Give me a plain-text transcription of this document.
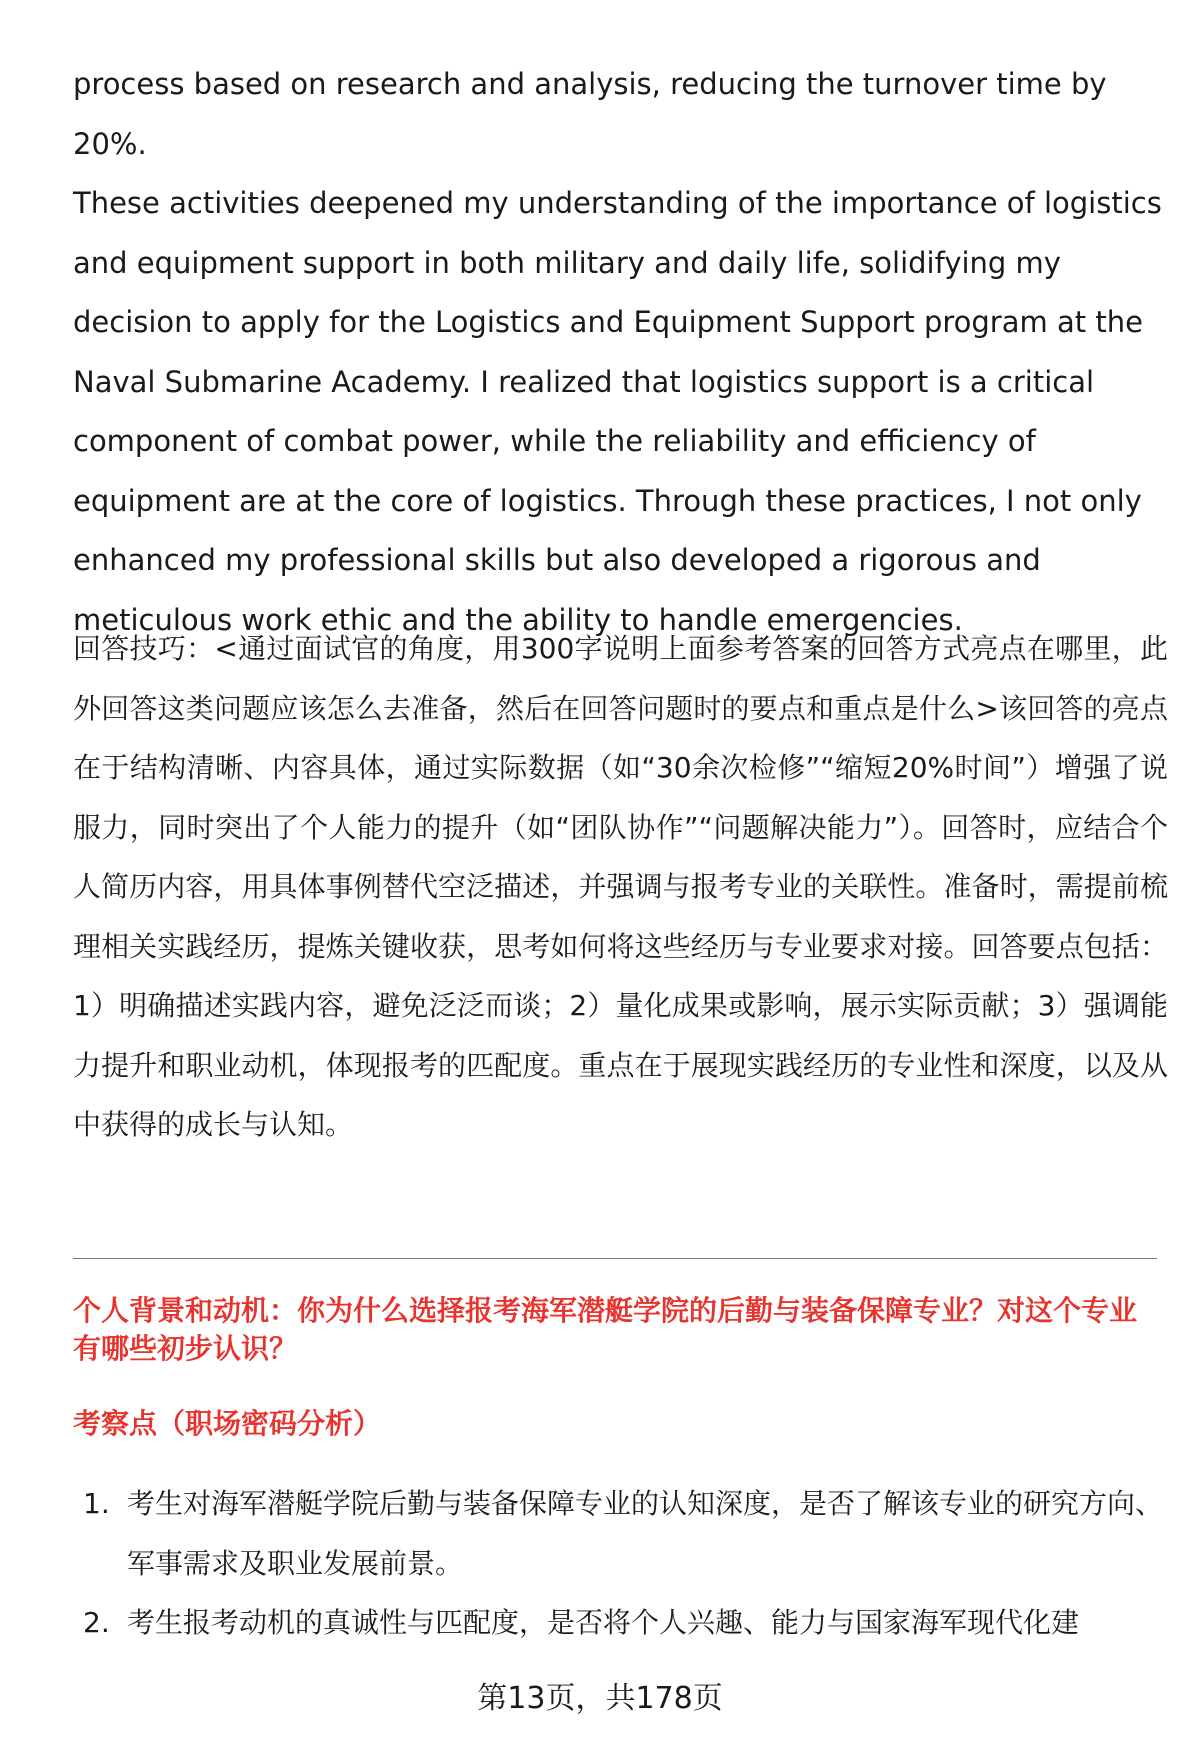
process based on research and analysis, reducing the turnover time by 20%.
These activities deepened my understanding of the importance of logistics
and equipment support in both military and daily life, solidifying my
decision to apply for the Logistics and Equipment Support program at the
Naval Submarine Academy. I realized that logistics support is a critical
component of combat power, while the reliability and efficiency of
equipment are at the core of logistics. Through these practices, I not only
enhanced my professional skills but also developed a rigorous and
meticulous work ethic and the ability to handle emergencies.

回答技巧：<通过面试官的角度，用300字说明上面参考答案的回答方式亮点在哪里，此外回答这类问题应该怎么去准备，然后在回答问题时的要点和重点是什么>该回答的亮点在于结构清晰、内容具体，通过实际数据（如“30余次检修”“缩短20%时间”）增强了说服力，同时突出了个人能力的提升（如“团队协作”“问题解决能力”）。回答时，应结合个人简历内容，用具体事例替代空泛描述，并强调与报考专业的关联性。准备时，需提前梳理相关实践经历，提炼关键收获，思考如何将这些经历与专业要求对接。回答要点包括：1）明确描述实践内容，避免泛泛而谈；2）量化成果或影响，展示实际贡献；3）强调能力提升和职业动机，体现报考的匹配度。重点在于展现实践经历的专业性和深度，以及从中获得的成长与认知。

个人背景和动机：你为什么选择报考海军潜艇学院的后勤与装备保障专业？对这个专业有哪些初步认识？

考察点（职场密码分析）

1. 考生对海军潜艇学院后勤与装备保障专业的认知深度，是否了解该专业的研究方向、军事需求及职业发展前景。
2. 考生报考动机的真诚性与匹配度，是否将个人兴趣、能力与国家海军现代化建
第13页，共178页
